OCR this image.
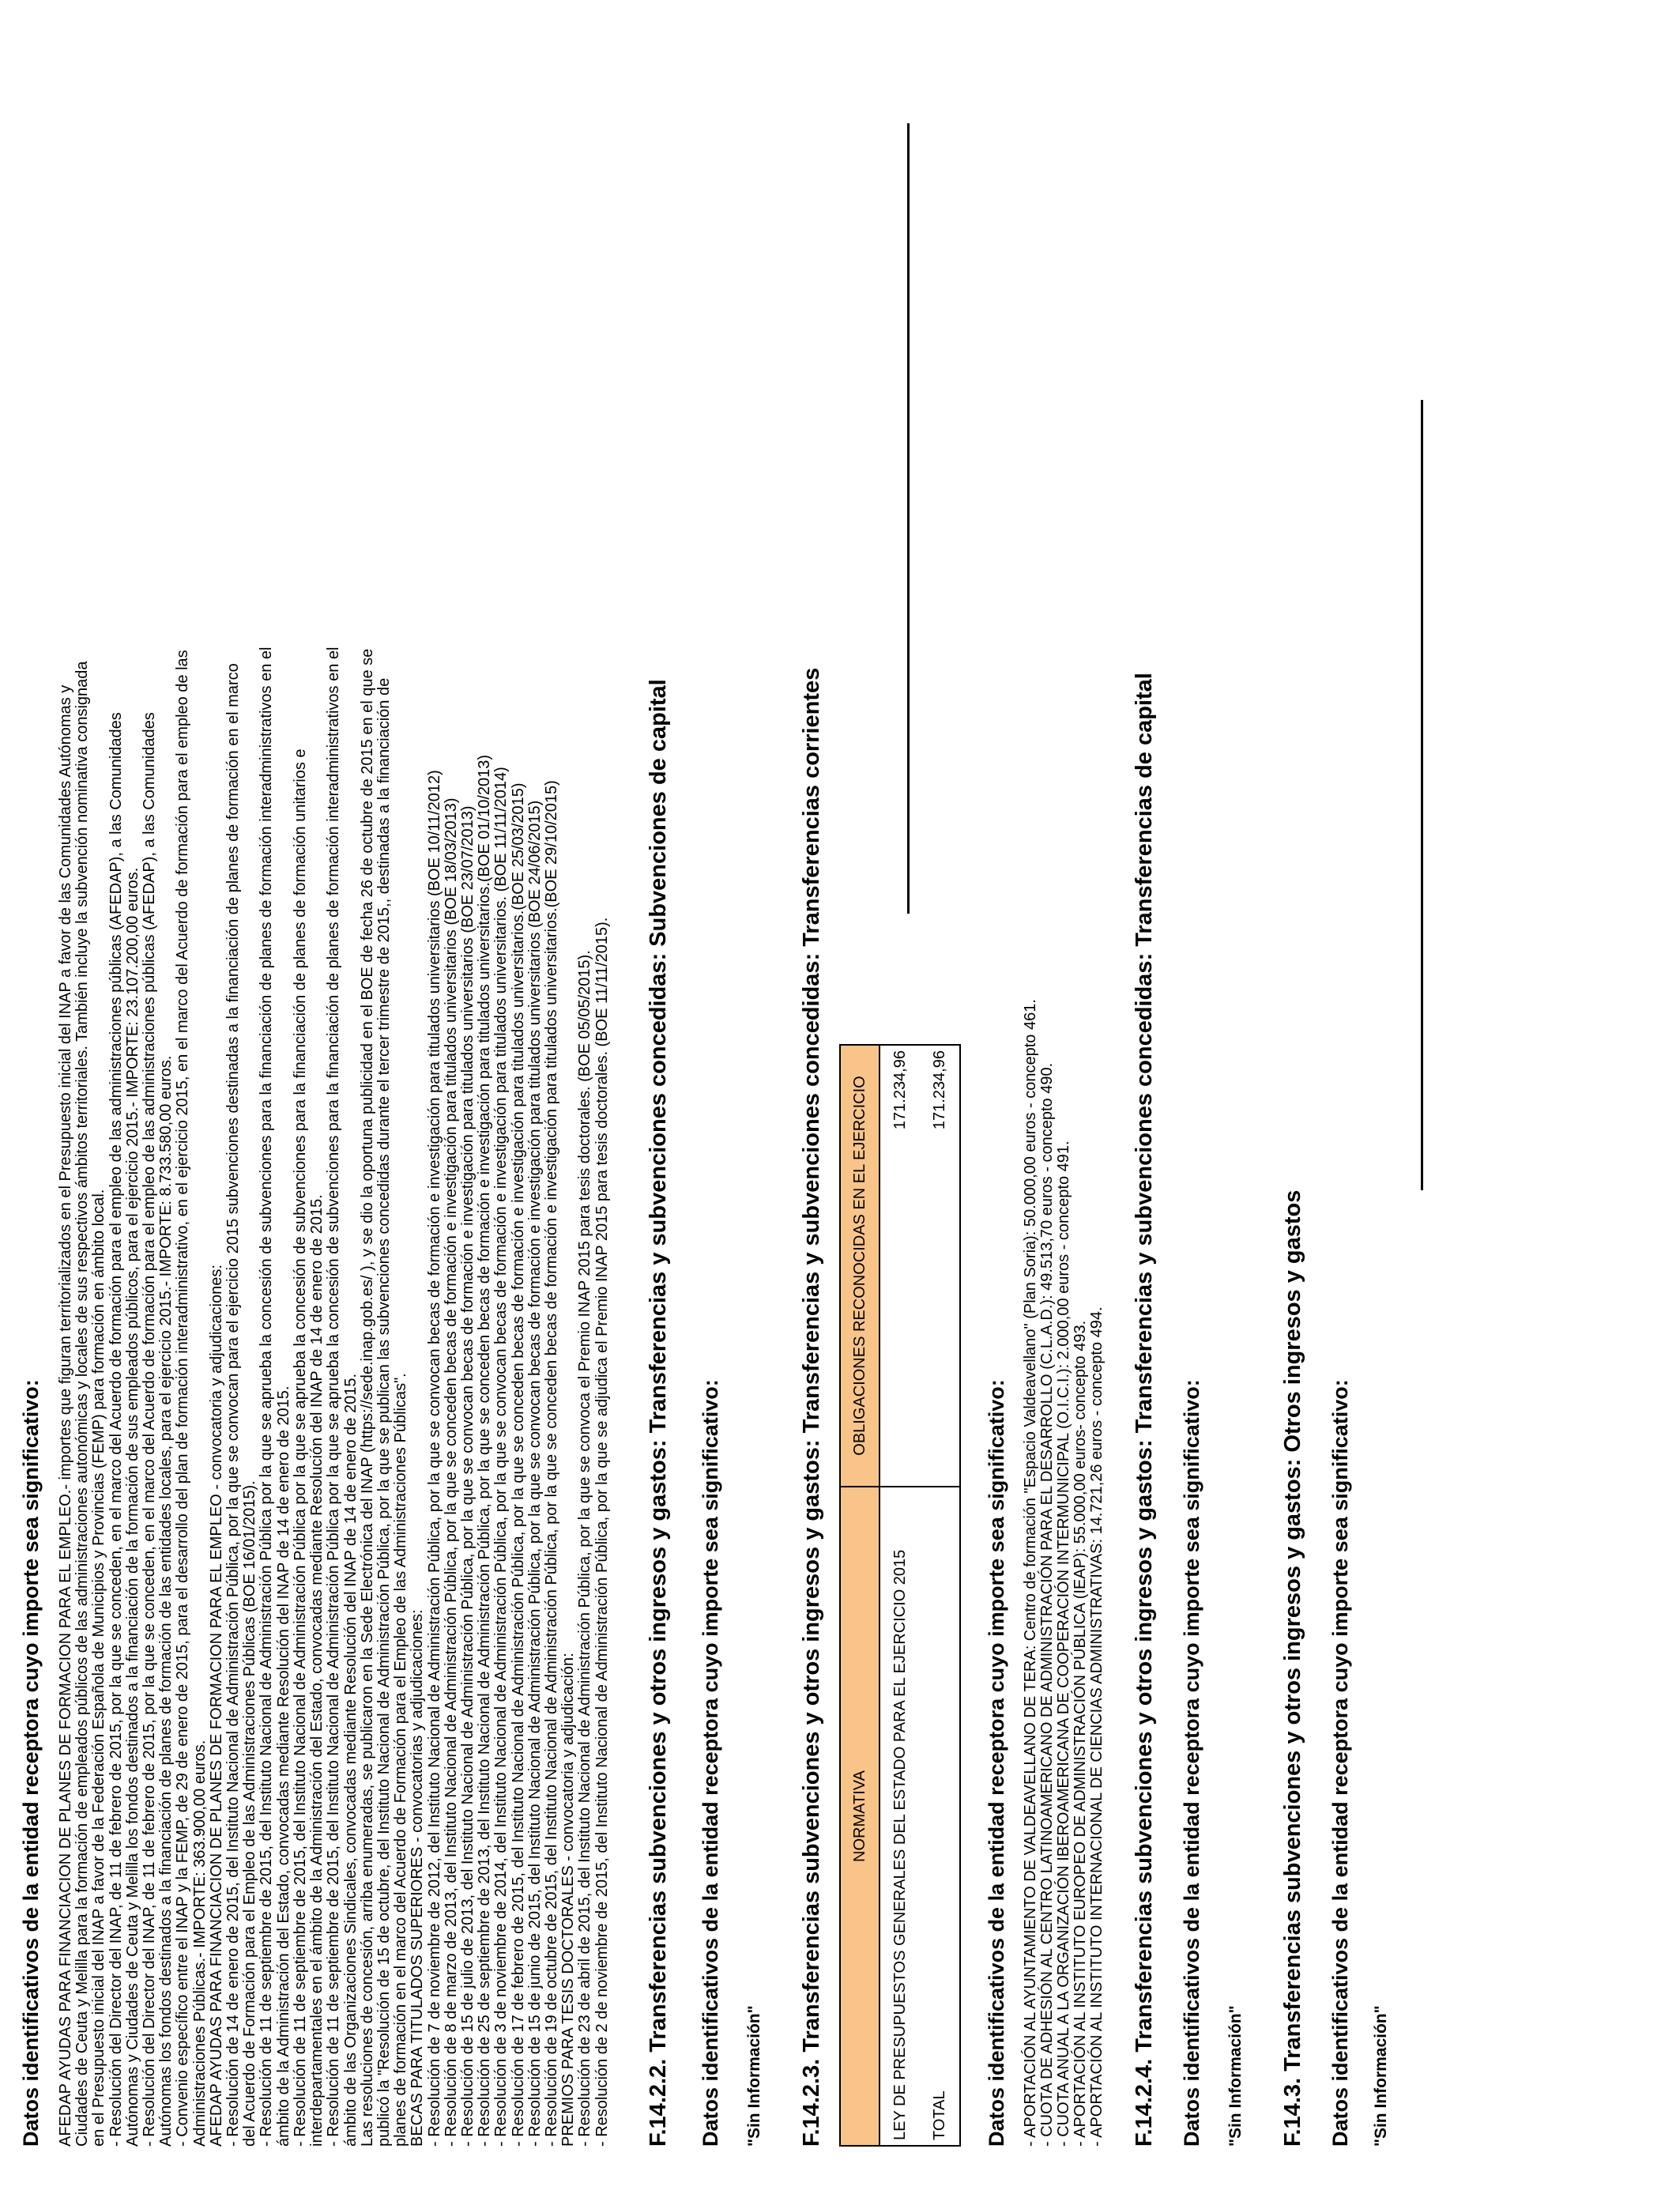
Datos identificativos de la entidad receptora cuyo importe sea significativo: AFEDAP AYUDAS PARA FINANCIACION DE PLANES DE FORMACION PARA EL EMPLEO.- importes que figuran territorializados en el Presupuesto inicial del INAP a favor de las Comunidades Autónomas y Ciudades de Ceuta y Melilla para la formación de empleados públicos de las administraciones autonómicas y locales de sus respectivos ámbitos territoriales. También incluye la subvención nominativa consignada en el Presupuesto inicial del INAP a favor de la Federación Española de Municipios y Provincias (FEMP) para formación en ámbito local. - Resolución del Director del INAP, de 11 de febrero de 2015, por la que se conceden, en el marco del Acuerdo de formación para el empleo de las administraciones públicas (AFEDAP), a las Comunidades Autónomas y Ciudades de Ceuta y Melilla los fondos destinados a la financiación de la formación de sus empleados públicos, para el ejercicio 2015.- IMPORTE: 23.107.200,00 euros. - Resolución del Director del INAP, de 11 de febrero de 2015, por la que se conceden, en el marco del Acuerdo de formación para el empleo de las administraciones públicas (AFEDAP), a las Comunidades Autónomas los fondos destinados a la financiación de planes de formación de las entidades locales, para el ejercicio 2015.- IMPORTE: 8.733.580,00 euros. - Convenio específico entre el INAP y la FEMP, de 29 de enero de 2015, para el desarrollo del plan de formación interadministrativo, en el ejercicio 2015, en el marco del Acuerdo de formación para el empleo de las Administraciones Públicas.- IMPORTE: 363.900,00 euros. AFEDAP AYUDAS PARA FINANCIACION DE PLANES DE FORMACION PARA EL EMPLEO - convocatoria y adjudicaciones: - Resolución de 14 de enero de 2015, del Instituto Nacional de Administración Pública, por la que se convocan para el ejercicio 2015 subvenciones destinadas a la financiación de planes de formación en el marco del Acuerdo de Formación para el Empleo de las Administraciones Públicas (BOE 16/01/2015). - Resolución de 11 de septiembre de 2015, del Instituto Nacional de Administración Pública por la que se aprueba la concesión de subvenciones para la financiación de planes de formación interadministrativos en el ámbito de la Administración del Estado, convocadas mediante Resolución del INAP de 14 de enero de 2015. - Resolución de 11 de septiembre de 2015, del Instituto Nacional de Administración Pública por la que se aprueba la concesión de subvenciones para la financiación de planes de formación unitarios e interdepartamentales en el ámbito de la Administración del Estado, convocadas mediante Resolución del INAP de 14 de enero de 2015. - Resolución de 11 de septiembre de 2015, del Instituto Nacional de Administración Pública por la que se aprueba la concesión de subvenciones para la financiación de planes de formación interadministrativos en el ámbito de las Organizaciones Sindicales, convocadas mediante Resolución del INAP de 14 de enero de 2015. Las resoluciones de concesión, arriba enumeradas, se publicaron en la Sede Electrónica del INAP (https://sede.inap.gob.es/ ), y se dio la oportuna publicidad en el BOE de fecha 26 de octubre de 2015 en el que se publicó la "Resolución de 15 de octubre, del Instituto Nacional de Administración Pública, por la que se publican las subvenciones concedidas durante el tercer trimestre de 2015,, destinadas a la financiación de planes de formación en el marco del Acuerdo de Formación para el Empleo de las Administraciones Públicas". BECAS PARA TITULADOS SUPERIORES - convocatorias y adjudicaciones: - Resolución de 7 de noviembre de 2012, del Instituto Nacional de Administración Pública, por la que se convocan becas de formación e investigación para titulados universitarios (BOE 10/11/2012) - Resolución de 8 de marzo de 2013, del Instituto Nacional de Administración Pública, por la que se conceden becas de formación e investigación para titulados universitarios (BOE 18/03/2013) - Resolución de 15 de julio de 2013, del Instituto Nacional de Administración Pública, por la que se convocan becas de formación e investigación para titulados universitarios (BOE 23/07/2013) - Resolución de 25 de septiembre de 2013, del Instituto Nacional de Administración Pública, por la que se conceden becas de formación e investigación para titulados universitarios.(BOE 01/10/2013) - Resolución de 3 de noviembre de 2014, del Instituto Nacional de Administración Pública, por la que se convocan becas de formación e investigación para titulados universitarios. (BOE 11/11/2014) - Resolución de 17 de febrero de 2015, del Instituto Nacional de Administración Pública, por la que se conceden becas de formación e investigación para titulados universitarios.(BOE 25/03/2015) - Resolución de 15 de junio de 2015, del Instituto Nacional de Administración Pública, por la que se convocan becas de formación e investigación para titulados universitarios (BOE 24/06/2015) - Resolución de 19 de octubre de 2015, del Instituto Nacional de Administración Pública, por la que se conceden becas de formación e investigación para titulados universitarios.(BOE 29/10/2015) PREMIOS PARA TESIS DOCTORALES - convocatoria y adjudicación: - Resolución de 23 de abril de 2015, del Instituto Nacional de Administración Pública, por la que se convoca el Premio INAP 2015 para tesis doctorales. (BOE 05/05/2015). - Resolución de 2 de noviembre de 2015, del Instituto Nacional de Administración Pública, por la que se adjudica el Premio INAP 2015 para tesis doctorales. (BOE 11/11/2015). F.14.2.2. Transferencias subvenciones y otros ingresos y gastos: Transferencias y subvenciones concedidas: Subvenciones de capital Datos identificativos de la entidad receptora cuyo importe sea significativo: "Sin Información" F.14.2.3. Transferencias subvenciones y otros ingresos y gastos: Transferencias y subvenciones concedidas: Transferencias corrientes NORMATIVA	OBLIGACIONES RECONOCIDAS EN EL EJERCICIO
LEY DE PRESUPUESTOS GENERALES DEL ESTADO PARA EL EJERCICIO 2015	171.234,96
TOTAL	171.234,96

Datos identificativos de la entidad receptora cuyo importe sea significativo: - APORTACIÓN AL AYUNTAMIENTO DE VALDEAVELLANO DE TERA: Centro de formación "Espacio Valdeavellano" (Plan Soria): 50.000,00 euros - concepto 461. - CUOTA DE ADHESIÓN AL CENTRO LATINOAMERICANO DE ADMINISTRACIÓN PARA EL DESARROLLO (C.L.A.D.): 49.513,70 euros - concepto 490. - CUOTA ANUAL A LA ORGANIZACIÓN IBEROAMERICANA DE COOPERACIÓN INTERMUNICIPAL (O.I.C.I.): 2.000,00 euros - concepto 491. - APORTACIÓN AL INSTITUTO EUROPEO DE ADMINISTRACIÓN PÚBLICA (IEAP): 55.000,00 euros- concepto 493. - APORTACIÓN AL INSTITUTO INTERNACIONAL DE CIENCIAS ADMINISTRATIVAS: 14.721,26 euros - concepto 494. F.14.2.4. Transferencias subvenciones y otros ingresos y gastos: Transferencias y subvenciones concedidas: Transferencias de capital Datos identificativos de la entidad receptora cuyo importe sea significativo: "Sin Información" F.14.3. Transferencias subvenciones y otros ingresos y gastos: Otros ingresos y gastos Datos identificativos de la entidad receptora cuyo importe sea significativo: "Sin Información"
